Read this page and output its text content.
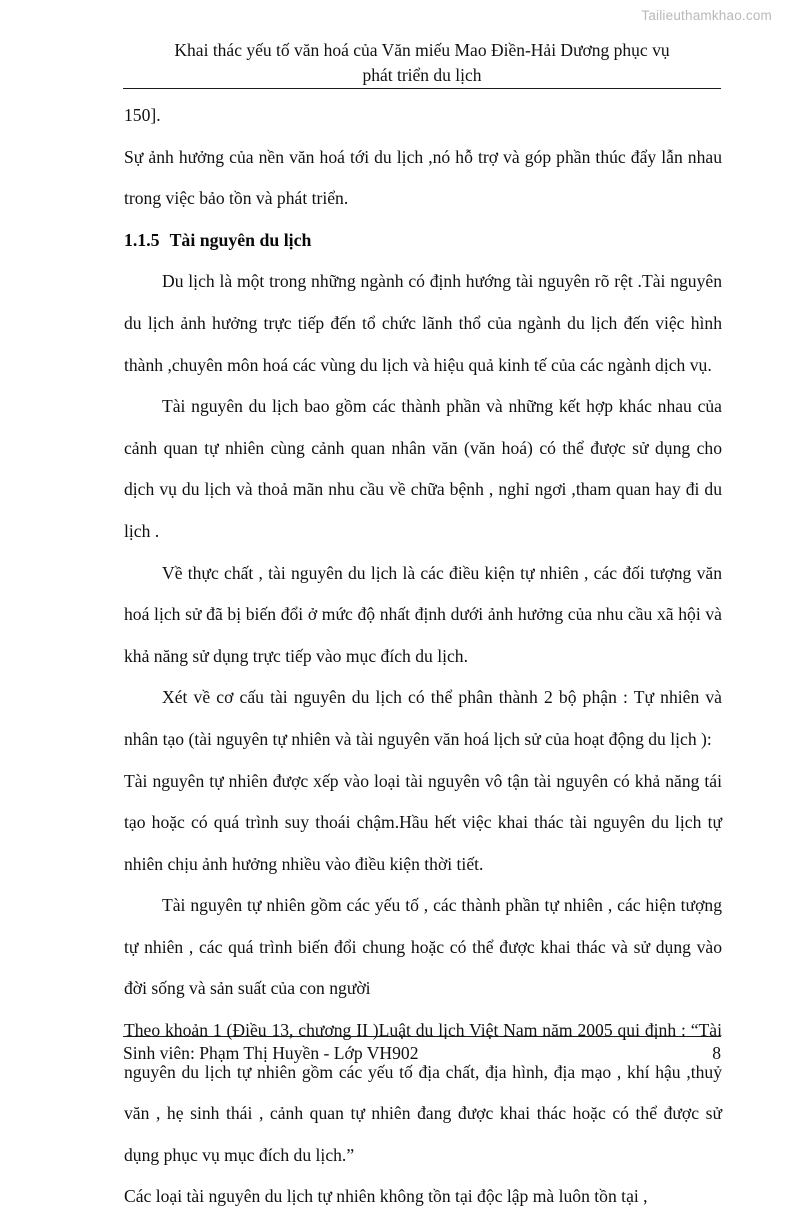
Tailieuthamkhao.com
Khai thác yếu tố văn hoá của Văn miếu Mao Điền-Hải Dương phục vụ
phát triển du lịch

150].

Sự ảnh hưởng của nền văn hoá tới du lịch ,nó hỗ trợ và góp phần thúc đẩy lẫn nhau trong việc bảo tồn và phát triển.

1.1.5 Tài nguyên du lịch

Du lịch là một trong những ngành có định hướng tài nguyên rõ rệt .Tài nguyên du lịch ảnh hưởng trực tiếp đến tổ chức lãnh thổ của ngành du lịch đến việc hình thành ,chuyên môn hoá các vùng du lịch và hiệu quả kinh tế của các ngành dịch vụ.

Tài nguyên du lịch bao gồm các thành phần và những kết hợp khác nhau của cảnh quan tự nhiên cùng cảnh quan nhân văn (văn hoá) có thể được sử dụng cho dịch vụ du lịch và thoả mãn nhu cầu về chữa bệnh , nghỉ ngơi ,tham quan hay đi du lịch .

Về thực chất , tài nguyên du lịch là các điều kiện tự nhiên , các đối tượng văn hoá lịch sử đã bị biến đổi ở mức độ nhất định dưới ảnh hưởng của nhu cầu xã hội và khả năng sử dụng trực tiếp vào mục đích du lịch.

Xét về cơ cấu tài nguyên du lịch có thể phân thành 2 bộ phận : Tự nhiên và nhân tạo (tài nguyên tự nhiên và tài nguyên văn hoá lịch sử của hoạt động du lịch ):

Tài nguyên tự nhiên được xếp vào loại tài nguyên vô tận tài nguyên có khả năng tái tạo hoặc có quá trình suy thoái chậm.Hầu hết việc khai thác tài nguyên du lịch tự nhiên chịu ảnh hưởng nhiều vào điều kiện thời tiết.

Tài nguyên tự nhiên gồm các yếu tố , các thành phần tự nhiên , các hiện tượng tự nhiên , các quá trình biến đổi chung hoặc có thể được khai thác và sử dụng vào đời sống và sản suất của con người

Theo khoản 1 (Điều 13, chương II )Luật du lịch Việt Nam năm 2005 qui định : “Tài nguyên du lịch tự nhiên gồm các yếu tố địa chất, địa hình, địa mạo , khí hậu ,thuỷ văn , hẹ sinh thái , cảnh quan tự nhiên đang được khai thác hoặc có thể được sử dụng phục vụ mục đích du lịch.”

Các loại tài nguyên du lịch tự nhiên không tồn tại độc lập mà luôn tồn tại ,

Sinh viên: Phạm Thị Huyền - Lớp VH902	8
